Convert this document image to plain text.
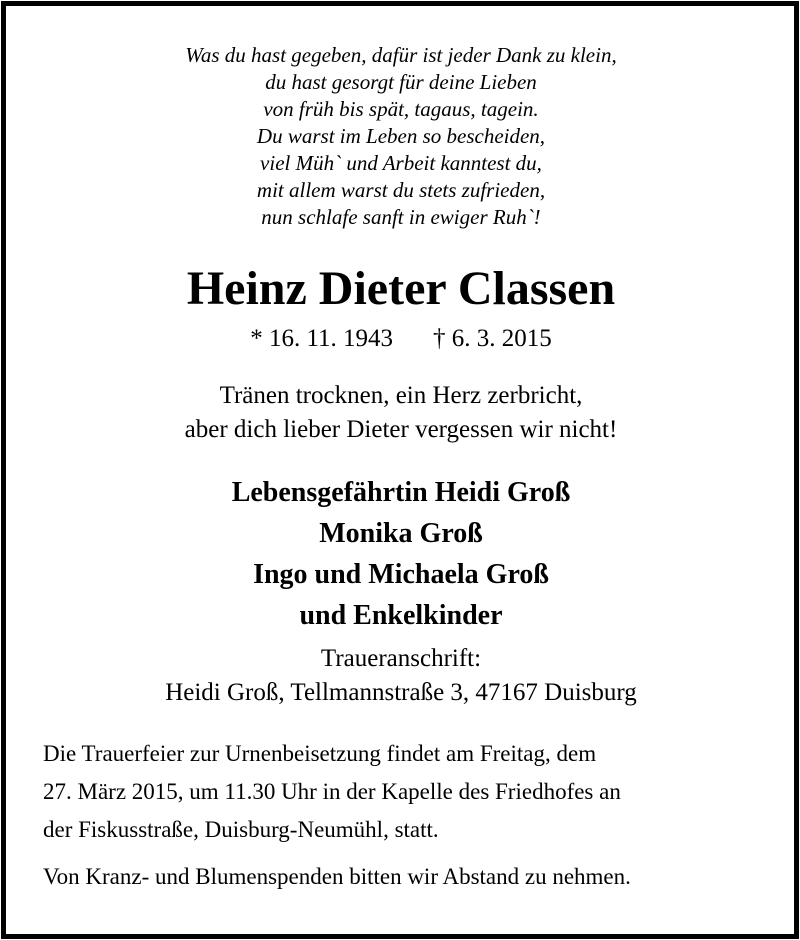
Was du hast gegeben, dafür ist jeder Dank zu klein,
du hast gesorgt für deine Lieben
von früh bis spät, tagaus, tagein.
Du warst im Leben so bescheiden,
viel Müh` und Arbeit kanntest du,
mit allem warst du stets zufrieden,
nun schlafe sanft in ewiger Ruh`!
Heinz Dieter Classen
* 16. 11. 1943 † 6. 3. 2015
Tränen trocknen, ein Herz zerbricht,
aber dich lieber Dieter vergessen wir nicht!
Lebensgefährtin Heidi Groß
Monika Groß
Ingo und Michaela Groß
und Enkelkinder
Traueranschrift:
Heidi Groß, Tellmannstraße 3, 47167 Duisburg
Die Trauerfeier zur Urnenbeisetzung findet am Freitag, dem
27. März 2015, um 11.30 Uhr in der Kapelle des Friedhofes an
der Fiskusstraße, Duisburg-Neumühl, statt.
Von Kranz- und Blumenspenden bitten wir Abstand zu nehmen.
